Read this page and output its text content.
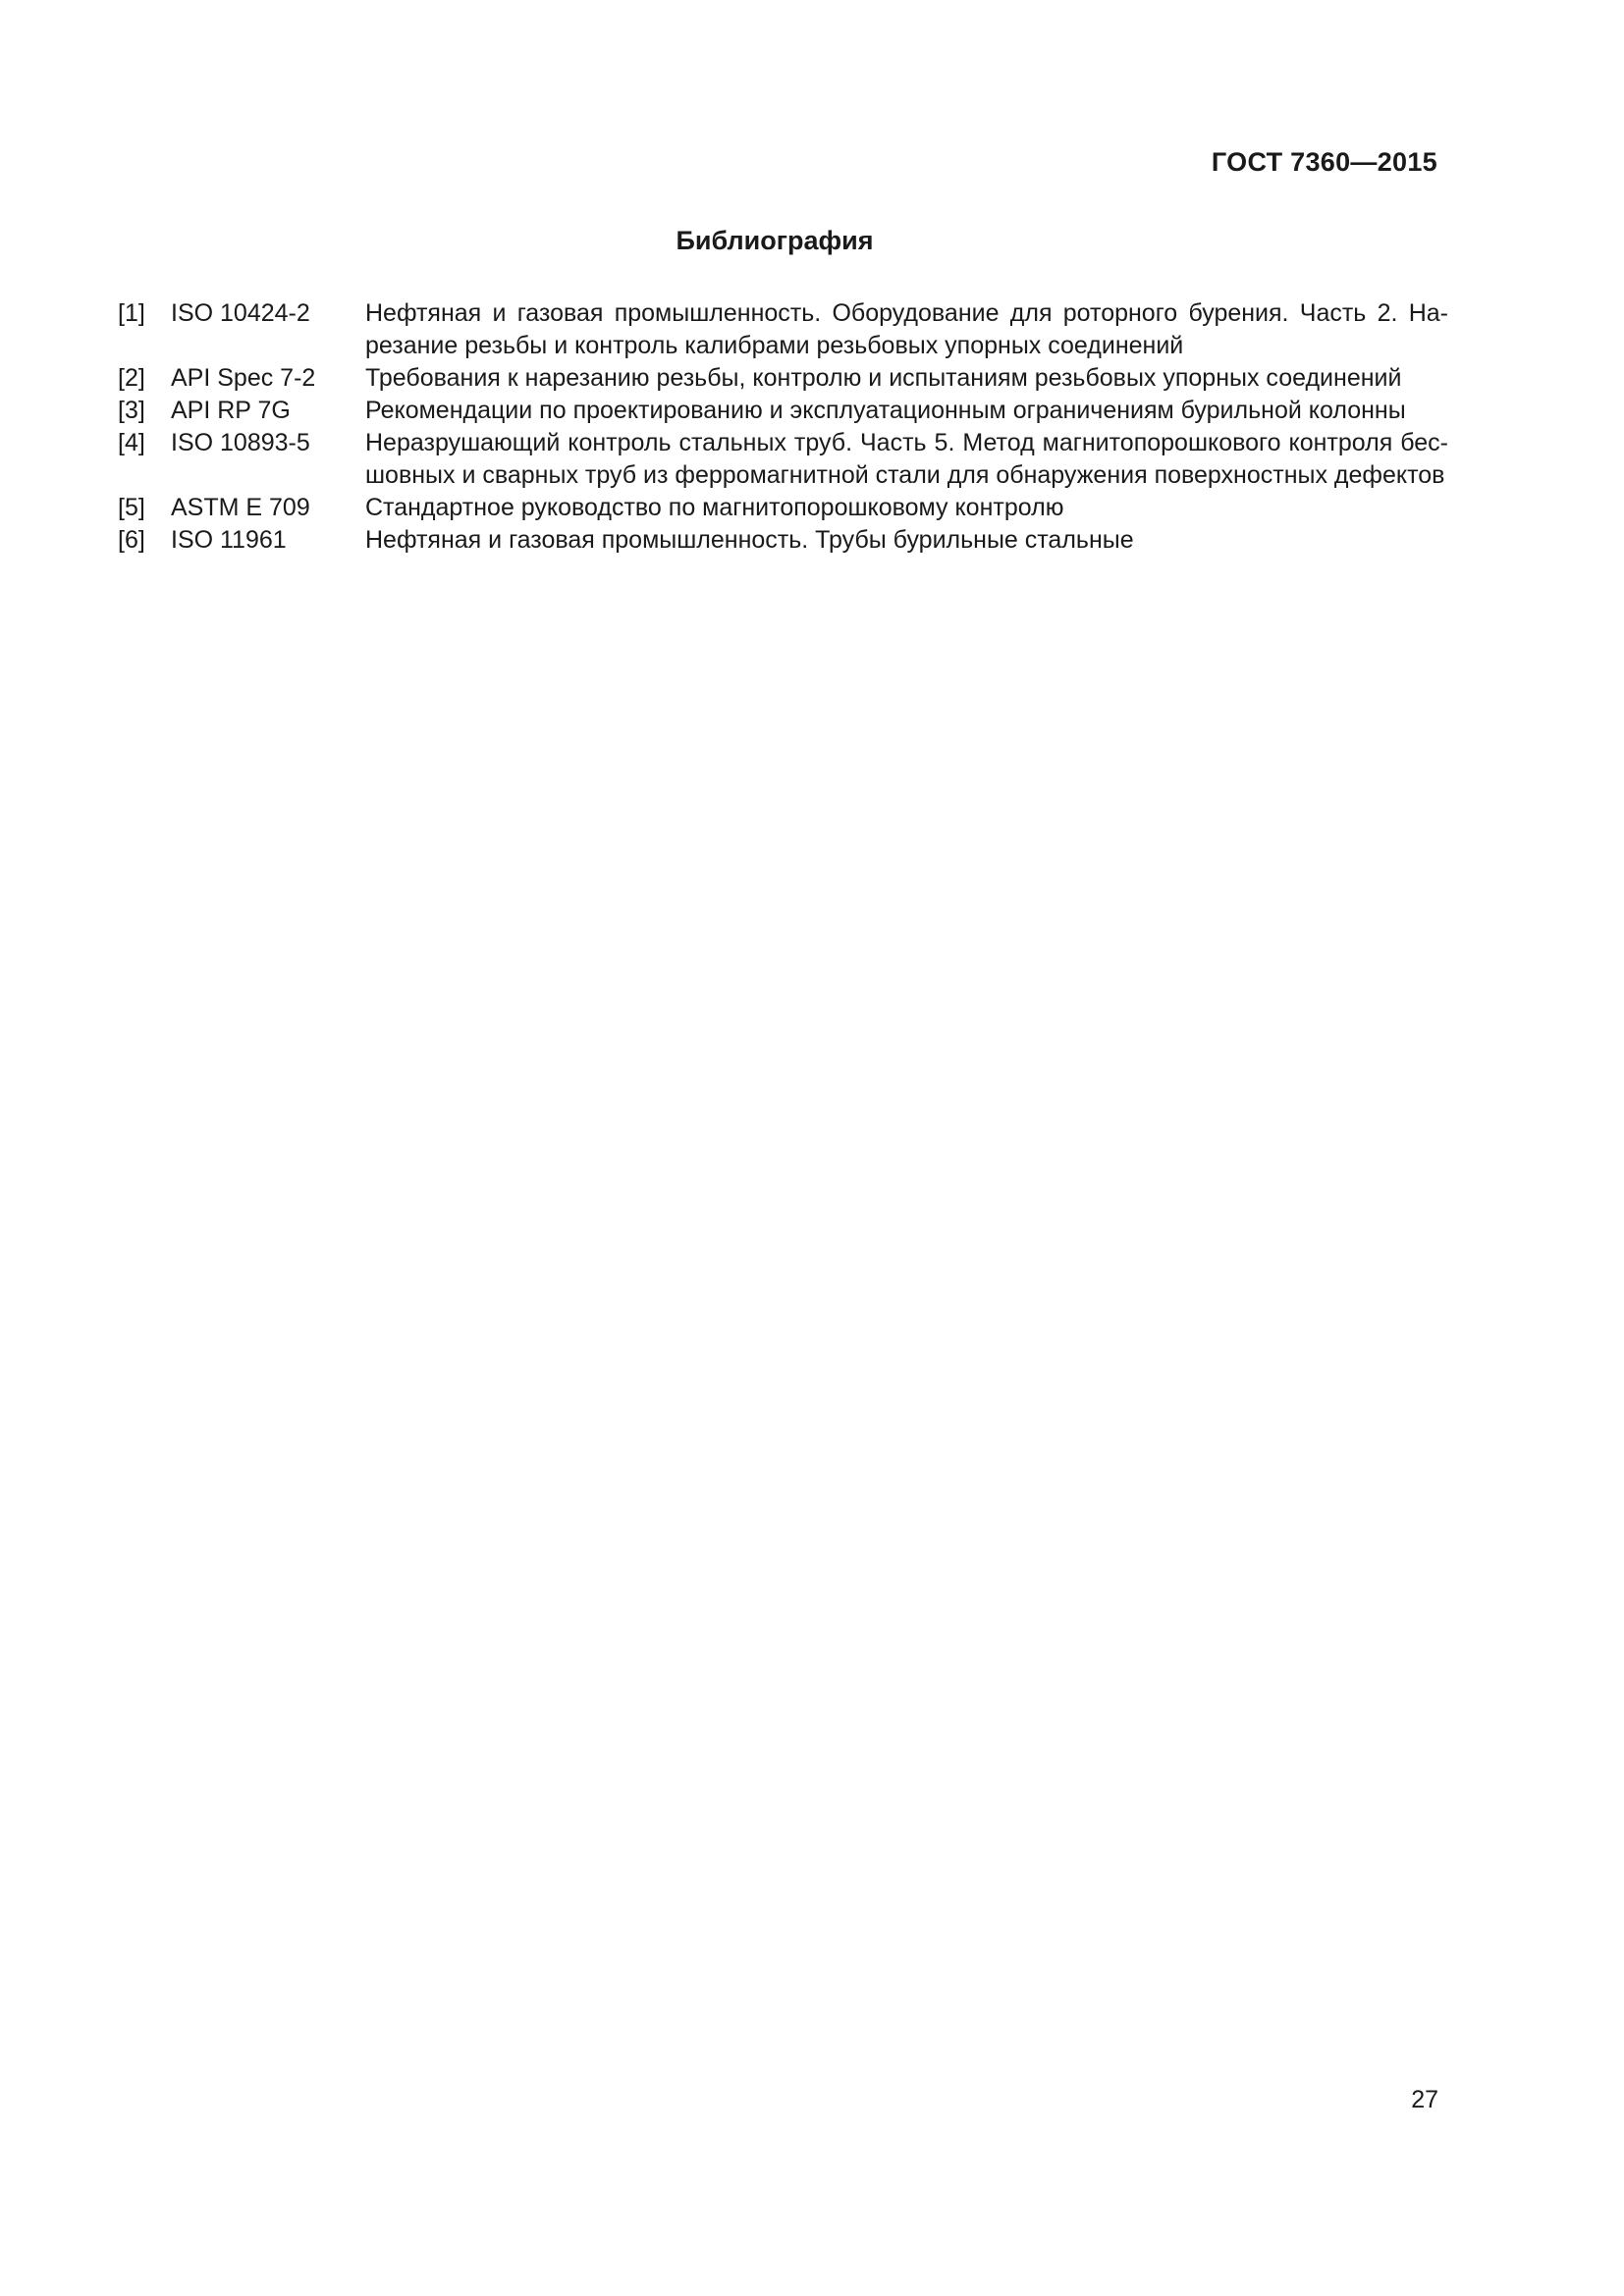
ГОСТ 7360—2015
Библиография
[1]	ISO 10424-2	Нефтяная и газовая промышленность. Оборудование для роторного бурения. Часть 2. Нарезание резьбы и контроль калибрами резьбовых упорных соединений
[2]	API Spec 7-2	Требования к нарезанию резьбы, контролю и испытаниям резьбовых упорных соединений
[3]	API RP 7G	Рекомендации по проектированию и эксплуатационным ограничениям бурильной колонны
[4]	ISO 10893-5	Неразрушающий контроль стальных труб. Часть 5. Метод магнитопорошкового контроля бесшовных и сварных труб из ферромагнитной стали для обнаружения поверхностных дефектов
[5]	ASTM E 709	Стандартное руководство по магнитопорошковому контролю
[6]	ISO 11961	Нефтяная и газовая промышленность. Трубы бурильные стальные
27
